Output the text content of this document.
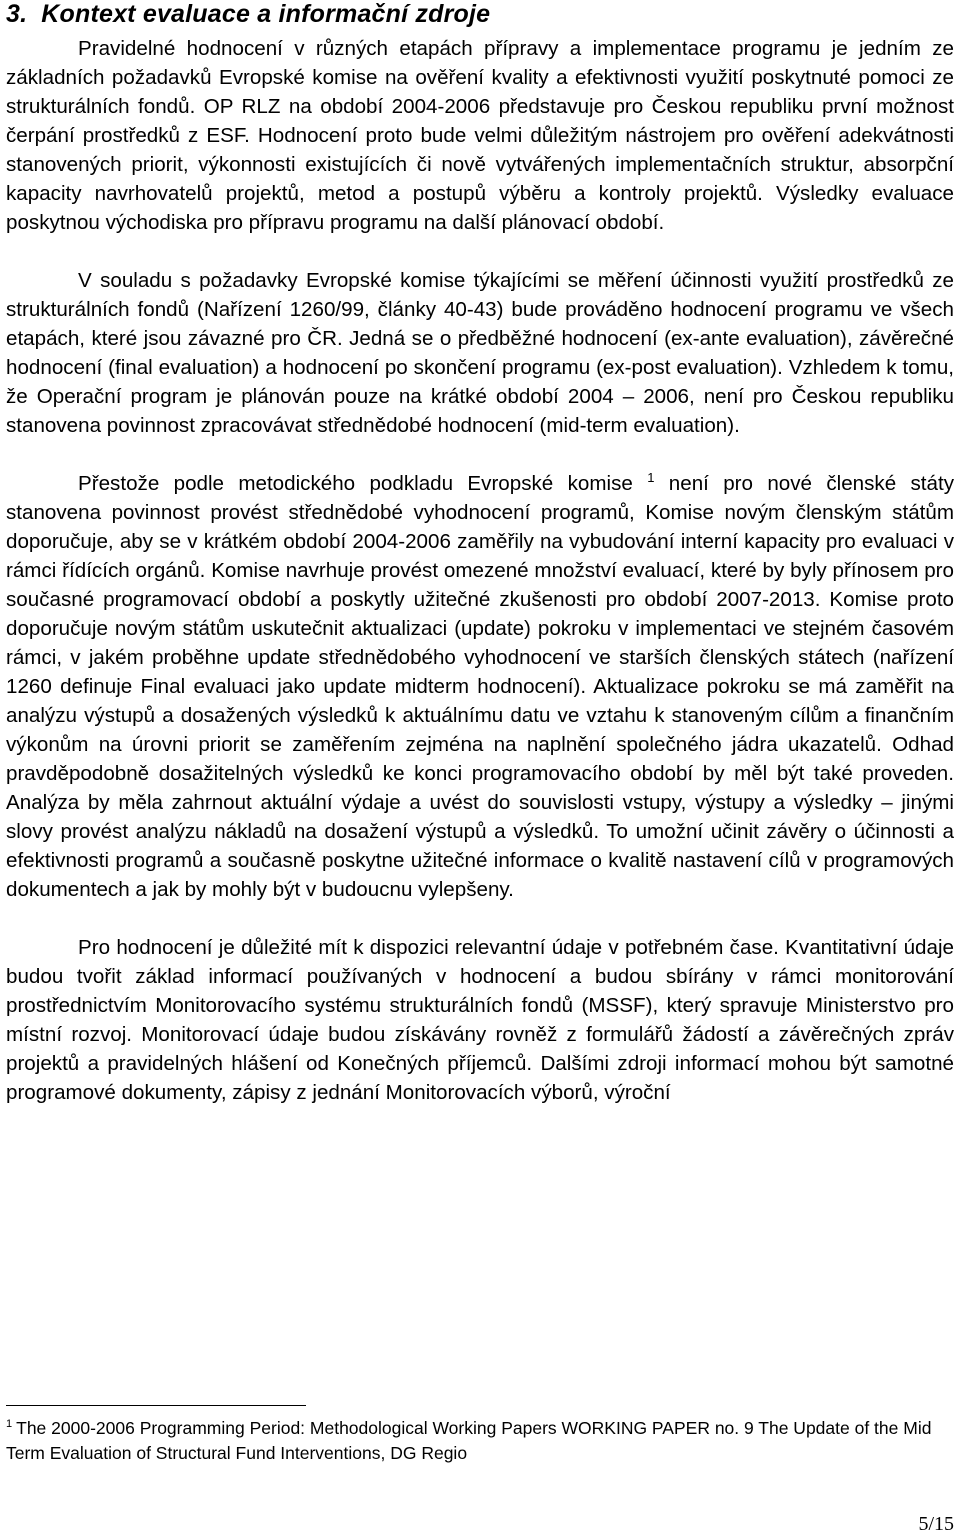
3. Kontext evaluace a informační zdroje

Pravidelné hodnocení v různých etapách přípravy a implementace programu je jedním ze základních požadavků Evropské komise na ověření kvality a efektivnosti využití poskytnuté pomoci ze strukturálních fondů. OP RLZ na období 2004-2006 představuje pro Českou republiku první možnost čerpání prostředků z ESF. Hodnocení proto bude velmi důležitým nástrojem pro ověření adekvátnosti stanovených priorit, výkonnosti existujících či nově vytvářených implementačních struktur, absorpční kapacity navrhovatelů projektů, metod a postupů výběru a kontroly projektů. Výsledky evaluace poskytnou východiska pro přípravu programu na další plánovací období.

V souladu s požadavky Evropské komise týkajícími se měření účinnosti využití prostředků ze strukturálních fondů (Nařízení 1260/99, články 40-43) bude prováděno hodnocení programu ve všech etapách, které jsou závazné pro ČR. Jedná se o předběžné hodnocení (ex-ante evaluation), závěrečné hodnocení (final evaluation) a hodnocení po skončení programu (ex-post evaluation). Vzhledem k tomu, že Operační program je plánován pouze na krátké období 2004 – 2006, není pro Českou republiku stanovena povinnost zpracovávat střednědobé hodnocení (mid-term evaluation).

Přestože podle metodického podkladu Evropské komise $^1$ není pro nové členské státy stanovena povinnost provést střednědobé vyhodnocení programů, Komise novým členským státům doporučuje, aby se v krátkém období 2004-2006 zaměřily na vybudování interní kapacity pro evaluaci v rámci řídících orgánů. Komise navrhuje provést omezené množství evaluací, které by byly přínosem pro současné programovací období a poskytly užitečné zkušenosti pro období 2007-2013. Komise proto doporučuje novým státům uskutečnit aktualizaci (update) pokroku v implementaci ve stejném časovém rámci, v jakém proběhne update střednědobého vyhodnocení ve starších členských státech (nařízení 1260 definuje Final evaluaci jako update midterm hodnocení). Aktualizace pokroku se má zaměřit na analýzu výstupů a dosažených výsledků k aktuálnímu datu ve vztahu k stanoveným cílům a finančním výkonům na úrovni priorit se zaměřením zejména na naplnění společného jádra ukazatelů. Odhad pravděpodobně dosažitelných výsledků ke konci programovacího období by měl být také proveden. Analýza by měla zahrnout aktuální výdaje a uvést do souvislosti vstupy, výstupy a výsledky – jinými slovy provést analýzu nákladů na dosažení výstupů a výsledků. To umožní učinit závěry o účinnosti a efektivnosti programů a současně poskytne užitečné informace o kvalitě nastavení cílů v programových dokumentech a jak by mohly být v budoucnu vylepšeny.

Pro hodnocení je důležité mít k dispozici relevantní údaje v potřebném čase. Kvantitativní údaje budou tvořit základ informací používaných v hodnocení a budou sbírány v rámci monitorování prostřednictvím Monitorovacího systému strukturálních fondů (MSSF), který spravuje Ministerstvo pro místní rozvoj. Monitorovací údaje budou získávány rovněž z formulářů žádostí a závěrečných zpráv projektů a pravidelných hlášení od Konečných příjemců. Dalšími zdroji informací mohou být samotné programové dokumenty, zápisy z jednání Monitorovacích výborů, výroční

$^1$ The 2000-2006 Programming Period: Methodological Working Papers WORKING PAPER no. 9 The Update of the Mid Term Evaluation of Structural Fund Interventions, DG Regio

5/15
